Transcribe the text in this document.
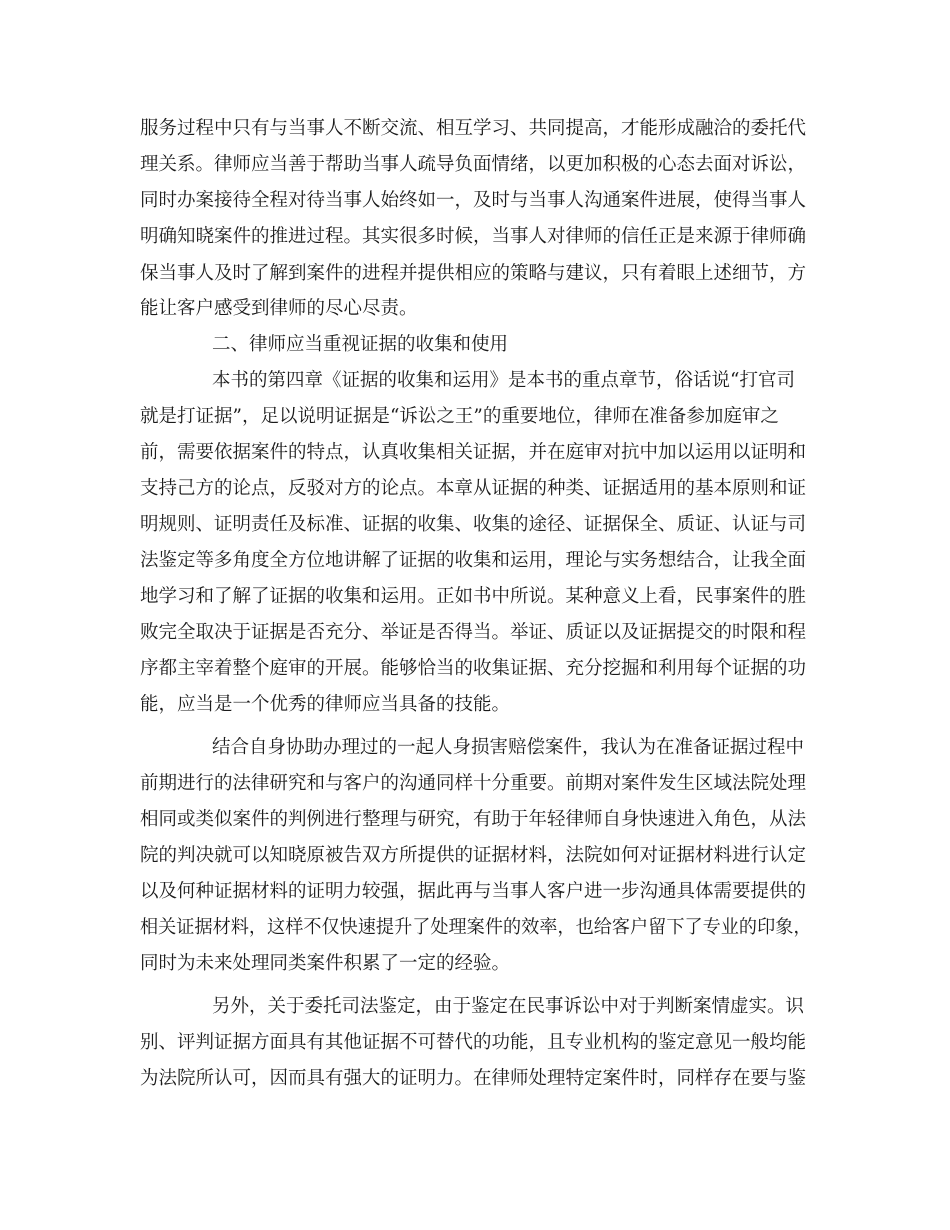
服务过程中只有与当事人不断交流、相互学习、共同提高，才能形成融洽的委托代
理关系。律师应当善于帮助当事人疏导负面情绪，以更加积极的心态去面对诉讼，
同时办案接待全程对待当事人始终如一，及时与当事人沟通案件进展，使得当事人
明确知晓案件的推进过程。其实很多时候，当事人对律师的信任正是来源于律师确
保当事人及时了解到案件的进程并提供相应的策略与建议，只有着眼上述细节，方
能让客户感受到律师的尽心尽责。
二、律师应当重视证据的收集和使用
本书的第四章《证据的收集和运用》是本书的重点章节，俗话说“打官司
就是打证据”，足以说明证据是“诉讼之王”的重要地位，律师在准备参加庭审之
前，需要依据案件的特点，认真收集相关证据，并在庭审对抗中加以运用以证明和
支持己方的论点，反驳对方的论点。本章从证据的种类、证据适用的基本原则和证
明规则、证明责任及标准、证据的收集、收集的途径、证据保全、质证、认证与司
法鉴定等多角度全方位地讲解了证据的收集和运用，理论与实务想结合，让我全面
地学习和了解了证据的收集和运用。正如书中所说。某种意义上看，民事案件的胜
败完全取决于证据是否充分、举证是否得当。举证、质证以及证据提交的时限和程
序都主宰着整个庭审的开展。能够恰当的收集证据、充分挖掘和利用每个证据的功
能，应当是一个优秀的律师应当具备的技能。
结合自身协助办理过的一起人身损害赔偿案件，我认为在准备证据过程中
前期进行的法律研究和与客户的沟通同样十分重要。前期对案件发生区域法院处理
相同或类似案件的判例进行整理与研究，有助于年轻律师自身快速进入角色，从法
院的判决就可以知晓原被告双方所提供的证据材料，法院如何对证据材料进行认定
以及何种证据材料的证明力较强，据此再与当事人客户进一步沟通具体需要提供的
相关证据材料，这样不仅快速提升了处理案件的效率，也给客户留下了专业的印象，
同时为未来处理同类案件积累了一定的经验。
另外，关于委托司法鉴定，由于鉴定在民事诉讼中对于判断案情虚实。识
别、评判证据方面具有其他证据不可替代的功能，且专业机构的鉴定意见一般均能
为法院所认可，因而具有强大的证明力。在律师处理特定案件时，同样存在要与鉴
